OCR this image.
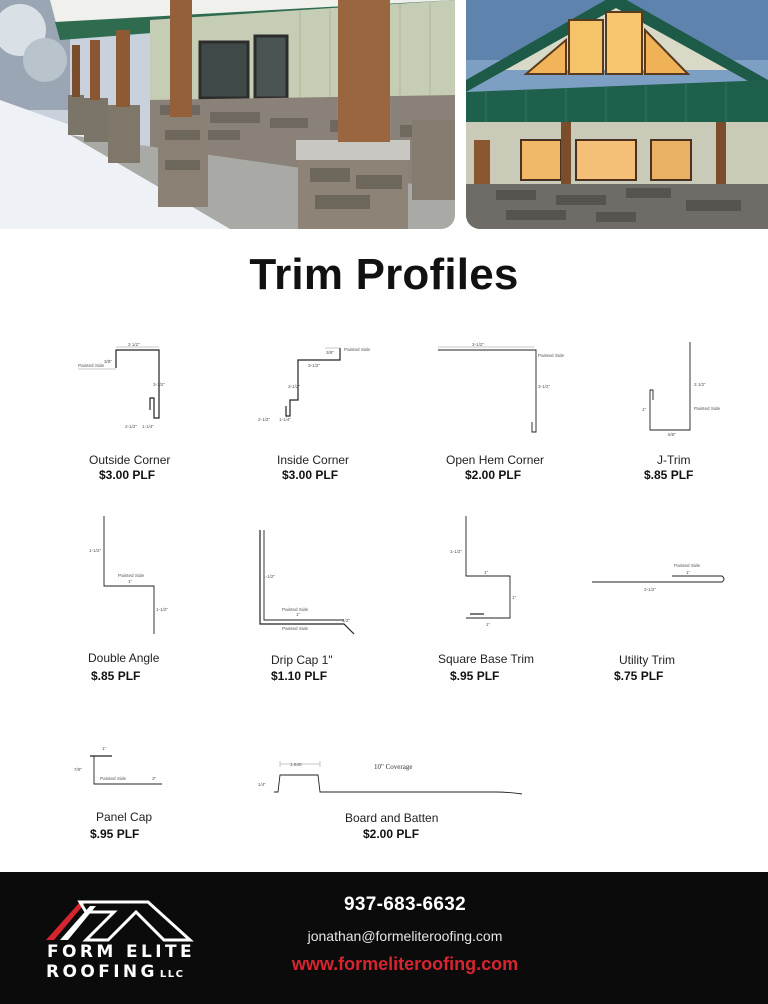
Trim Profiles
3 1/2"
3/8"
Painted Side
3-1/2"
2-1/2" 1-1/4"
Outside Corner
$3.00 PLF
Painted Side
3/8"
3-1/2"
3-1/2"
2-1/2" 1-1/4"
Inside Corner
$3.00 PLF
3-1/2"
Painted Side
3-1/2"
Open Hem Corner
$2.00 PLF
3 1/2"
1"	Painted Side
5/8"
J-Trim
$.85 PLF
1-1/2"
Painted Side
1"
1-1/2"
Double Angle
$.85 PLF
1-1/2"
Painted Side
1"
1/2"
Painted Side
Drip Cap 1"
$1.10 PLF
1-1/2"
1"
1"
1"
Square Base Trim
$.95 PLF
Painted Side
1"
2-1/2"
Utility Trim
$.75 PLF
1"
7/8"
Painted Side	3"
Panel Cap
$.95 PLF
1.840	10" Coverage
1/4"
Board and Batten
$2.00 PLF
FORM ELITE
ROOFING LLC
937-683-6632
jonathan@formeliteroofing.com
www.formeliteroofing.com
